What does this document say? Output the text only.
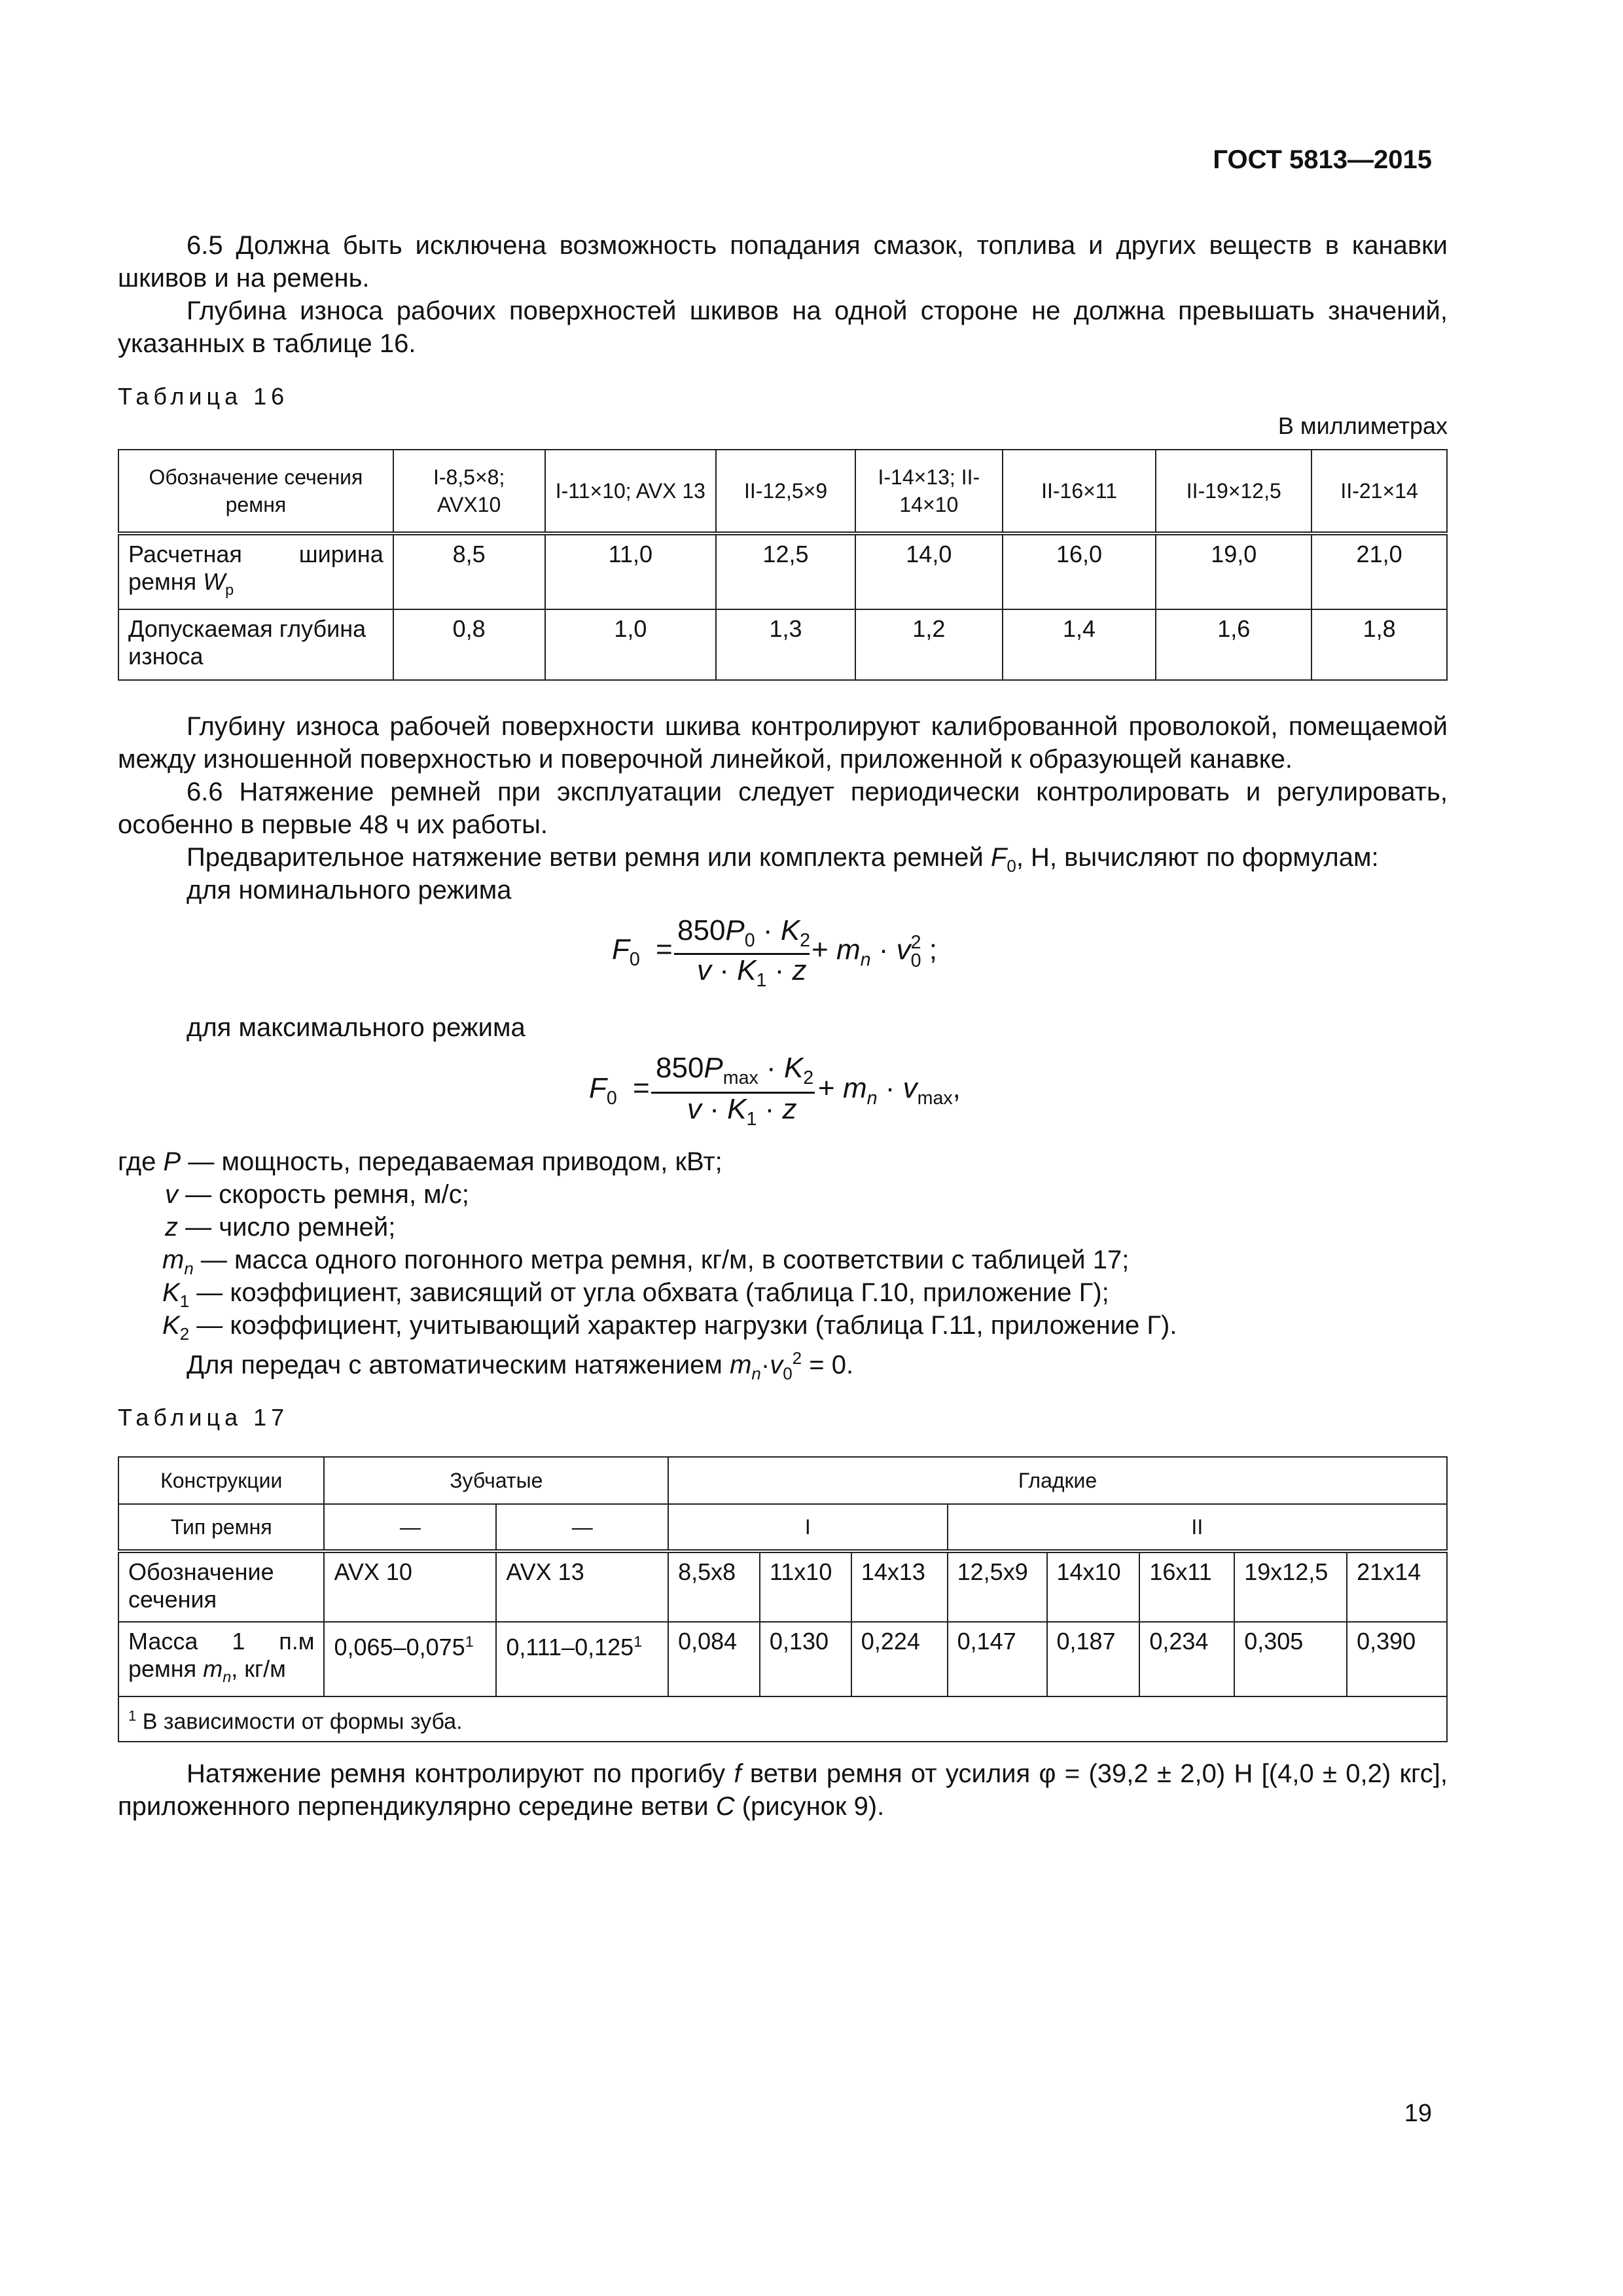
ГОСТ 5813—2015
6.5 Должна быть исключена возможность попадания смазок, топлива и других веществ в канавки шкивов и на ремень.
Глубина износа рабочих поверхностей шкивов на одной стороне не должна превышать значений, указанных в таблице 16.
Таблица 16
В миллиметрах
Обозначение сечения ремня	I-8,5×8; AVX10	I-11×10; AVX 13	II-12,5×9	I-14×13; II-14×10	II-16×11	II-19×12,5	II-21×14

Расчетная ширина
ремня $W_р$	8,5	11,0	12,5	14,0	16,0	19,0	21,0
Допускаемая глубина износа	0,8	1,0	1,3	1,2	1,4	1,6	1,8
Глубину износа рабочей поверхности шкива контролируют калиброванной проволокой, помещаемой между изношенной поверхностью и поверочной линейкой, приложенной к образующей канавке.
6.6 Натяжение ремней при эксплуатации следует периодически контролировать и регулировать, особенно в первые 48 ч их работы.
Предварительное натяжение ветви ремня или комплекта ремней $F_0$, Н, вычисляют по формулам:
для номинального режима
$F_0$ =
$850P_0 \cdot K_2$
$v \cdot K_1 \cdot z$
+ $m_n \cdot v$ 2
0 ;
для максимального режима
$F_0$ =
$850P_{max} \cdot K_2$
$v \cdot K_1 \cdot z$
+ $m_n \cdot v_{max}$,
где P — мощность, передаваемая приводом, кВт;
v — скорость ремня, м/с;
z — число ремней;
$m_n$ — масса одного погонного метра ремня, кг/м, в соответствии с таблицей 17;
$K_1$ — коэффициент, зависящий от угла обхвата (таблица Г.10, приложение Г);
$K_2$ — коэффициент, учитывающий характер нагрузки (таблица Г.11, приложение Г).
Для передач с автоматическим натяжением $m_n\cdot v_0^2 = 0$.
Таблица 17
Конструкции	Зубчатые		Гладкие							
Тип ремня	—	—	I			II				
Обозначение сечения	AVX 10	AVX 13	8,5x8	11x10	14x13	12,5x9	14x10	16x11	19x12,5	21x14

Масса 1 п.м
ремня $m_n$, кг/м	0,065–0,075$^1$	0,111–0,125$^1$	0,084	0,130	0,224	0,147	0,187	0,234	0,305	0,390
$^1$ В зависимости от формы зуба.										
Натяжение ремня контролируют по прогибу f ветви ремня от усилия φ = (39,2 ± 2,0) Н [(4,0 ± 0,2) кгс], приложенного перпендикулярно середине ветви C (рисунок 9).
19
